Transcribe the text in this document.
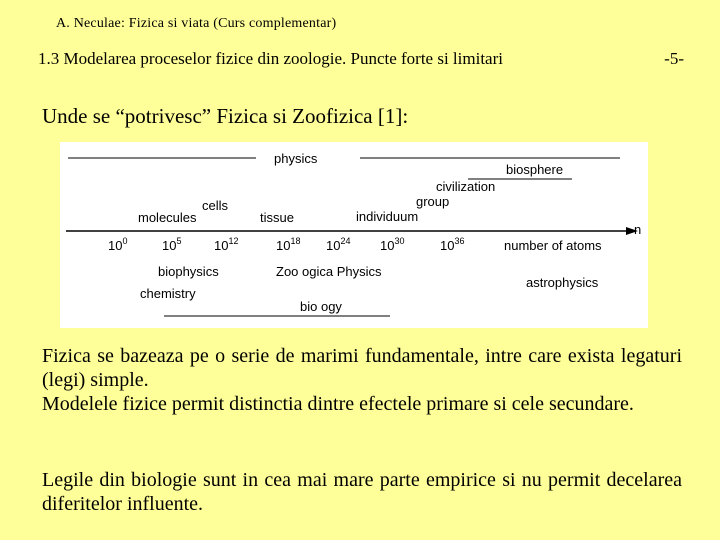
A. Neculae: Fizica si viata (Curs complementar)
1.3 Modelarea proceselor fizice din zoologie. Puncte forte si limitari	-5-
Unde se “potrivesc” Fizica si Zoofizica [1]:
physics
biosphere
civilization
group
cells
molecules	tissue	individuum
n
$10^0$	$10^5$	$10^{12}$	$10^{18}$ $10^{24}$ $10^{30}$	$10^{36}$	number of atoms
biophysics	Zoo ogica Physics
astrophysics
chemistry
bio ogy
Fizica se bazeaza pe o serie de marimi fundamentale, intre care exista legaturi (legi) simple.
Modelele fizice permit distinctia dintre efectele primare si cele secundare.
Legile din biologie sunt in cea mai mare parte empirice si nu permit decelarea diferitelor influente.
